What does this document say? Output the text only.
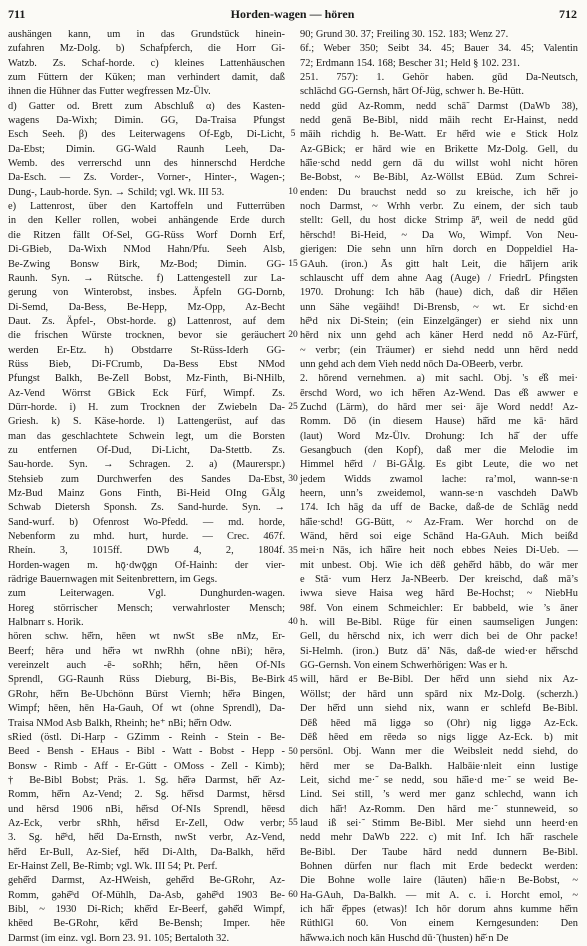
711	Horden-wagen — hören	712
aushängen kann, um in das Grundstück hinein-
zufahren Mz-Dolg. b) Schafpferch, die Horr Gi-
Watzb. Zs. Schaf-horde. c) kleines Lattenhäuschen
zum Füttern der Küken; man verhindert damit, daß
ihnen die Hühner das Futter wegfressen Mz-Ülv.
d) Gatter od. Brett zum Abschluß α) des Kasten-
wagens Da-Wixh; Dimin. GG, Da-Traisa Pfungst
Esch Seeh. β) des Leiterwagens Of-Egb, Di-Licht,
Da-Ebst; Dimin. GG-Wald Raunh Leeh, Da-
Wemb. des verrerschd unn des hinnerschd Herdche
Da-Esch. — Zs. Vorder-, Vorner-, Hinter-, Wagen-;
Dung-, Laub-horde. Syn. → Schild; vgl. Wk. III 53.
e) Lattenrost, über den Kartoffeln und Futterrüben
in den Keller rollen, wobei anhängende Erde durch
die Ritzen fällt Of-Sel, GG-Rüss Worf Dornh Erf,
Di-GBieb, Da-Wixh NMod Hahn/Pfu. Seeh Alsb,
Be-Zwing Bonsw Birk, Mz-Bod; Dimin. GG-
Raunh. Syn. → Rütsche. f) Lattengestell zur La-
gerung von Winterobst, insbes. Äpfeln GG-Dornb,
Di-Semd, Da-Bess, Be-Hepp, Mz-Opp, Az-Becht
Daut. Zs. Äpfel-, Obst-horde. g) Lattenrost, auf dem
die frischen Würste trocknen, bevor sie geräuchert
werden Er-Etz. h) Obstdarre St-Rüss-Iderh GG-
Rüss Bieb, Di-FCrumb, Da-Bess Ebst NMod
Pfungst Balkh, Be-Zell Bobst, Mz-Finth, Bi-NHilb,
Az-Vend Wörrst GBick Eck Fürf, Wimpf. Zs.
Dürr-horde. i) H. zum Trocknen der Zwiebeln Da-
Griesh. k) S. Käse-horde. l) Lattengerüst, auf das
man das geschlachtete Schwein legt, um die Borsten
zu entfernen Of-Dud, Di-Licht, Da-Stettb. Zs.
Sau-horde. Syn. → Schragen. 2. a) (Maurerspr.)
Stehsieb zum Durchwerfen des Sandes Da-Ebst,
Mz-Bud Mainz Gons Finth, Bi-Heid OIng GÄlg
Schwab Dietersh Sponsh. Zs. Sand-hurde. Syn. →
Sand-wurf. b) Ofenrost Wo-Pfedd. — md. horde,
Nebenform zu mhd. hurt, hurde. — Crec. 467f.
Rheín. 3, 1015ff. DWb 4, 2, 1804f.
Horden-wagen m. hǭ·dwǭgn Of-Hainh: der vier-
rädrige Bauernwagen mit Seitenbrettern, im Gegs.
zum Leiterwagen. Vgl. Dunghurden-wagen.
Horeg störrischer Mensch; verwahrloster Mensch;
Halbnarr s. Horik.
hören schw. hē̆rn, hēɐn wt nwSt sBe nMz, Er-
Beerf; hērə und hē̆rə wt nwRhh (ohne nBi); hērə,
vereinzelt auch -ē- soRhh; hē̆rn, hēɐn Of-NIs
Sprendl, GG-Raunh Rüss Dieburg, Bi-Bis, Be-Birk
GRohr, hē̆rn Be-Ubchönn Bürst Viernh; hē̆rə Bingen,
Wimpf; hēɐn, hēn Ha-Gauh, Of wt (ohne Sprendl), Da-
Traisa NMod Asb Balkh, Rheinh; he⁺ nBi; hē̆rn Odw.
sRied (östl. Di-Harp - GZimm - Reinh - Stein - Be-
Beed - Bensh - EHaus - Bibl - Watt - Bobst - Hepp -
Bonsw - Rimb - Aff - Er-Gütt - OMoss - Zell - Kimb);
† Be-Bibl Bobst; Präs. 1. Sg. hē̆rə Darmst, hē̆r Az-
Romm, hē̆rn Az-Vend; 2. Sg. hē̆rsd Darmst, hērsd
und hērsd 1906 nBi, hē̆rsd Of-NIs Sprendl, hēɐsd
Az-Eck, verbr sRhh, hē̆rsd Er-Zell, Odw verbr;
3. Sg. hē̆ᵃd, hē̆d Da-Ernsth, nwSt verbr, Az-Vend,
hē̆rd Er-Bull, Az-Sief, hē̆d Di-Alth, Da-Balkh, hē̆rd
Er-Hainst Zell, Be-Rimb; vgl. Wk. III 54; Pt. Perf.
gehē̆rd Darmst, Az-HWeish, gehē̆rd Be-GRohr, Az-
Romm, gəhē̆ᵃd Of-Mühlh, Da-Asb, gəhē̆ᵃd 1903 Be-
Bibl, ~ 1930 Di-Rich; khē̆rd Er-Beerf, gəhē̆d Wimpf,
khēɐd Be-GRohr, kē̆rd Be-Bensh; Imper. hēɐ
Darmst (im einz. vgl. Born 23. 91. 105; Bertaloth 32.
5
10
15
20
25
30
35
40
45
50
55
60
90; Grund 30. 37; Freiling 30. 152. 183; Wenz 27.
6f.; Weber 350; Seibt 34. 45; Bauer 34. 45; Valentin
72; Erdmann 154. 168; Bescher 31; Held § 102. 231.
251. 757): 1. Gehör haben. gūd Da-Neutsch,
schlächd GG-Gernsh, hārt Of-Jüg, schwer h. Be-Hütt.
nedd güd Az-Romm, nedd schā̃ Darmst (DaWb 38),
nedd genā Be-Bibl, nidd māih recht Er-Hainst, nedd
māih richdig h. Be-Watt. Er hē̆rd wie e Stick Holz
Az-GBick; er hārd wie en Brikette Mz-Dolg. Gell, du
hā̆ie·schd nedd gern dä du willst wohl nicht hören
Be-Bobst, ~ Be-Bibl, Az-Wöllst EBüd. Zum Schrei-
enden: Du brauchst nedd so zu kreische, ich hē̆r jo
noch Darmst, ~ Wrhh verbr. Zu einem, der sich taub
stellt: Gell, du host dicke Strimp ā̃ⁿ, weil de nedd gūd
hērschd! Bi-Heid, ~ Da Wo, Wimpf. Von Neu-
gierigen: Die sehn unn hīrn dorch en Doppeldiel Ha-
GAuh. (iron.) Ās gitt halt Leit, die hā̆ijern arik
schlauscht uff dem ahne Aag (Auge) / FriedrL Pfingsten
1970. Drohung: Ich hāb (haue) dich, daß dir Hē̆ien
unn Sähe vegāihd! Di-Brensb, ~ wt. Er sichd·en
hē̆ᵃd nix Di-Stein; (ein Einzelgänger) er siehd nix unn
hērd nix unn gehd ach käner Herd nedd nō Az-Fürf,
~ verbr; (ein Träumer) er siehd nedd unn hērd nedd
unn gehd ach dem Vieh nedd nōch Da-OBeerb, verbr.
2. hōrend vernehmen. a) mit sachl. Obj. 's e̊ß mei·
ērschd Word, wo ich hē̆ren Az-Wend. Das e̊ß awwer e
Zuchd (Lärm), do hārd mer sei· āje Word nedd! Az-
Romm. Dō (in diesem Hause) hā̆rd me kā· hārd
(laut) Word Mz-Ülv. Drohung: Ich hā̆ der uffe
Gesangbuch (den Kopf), daß mer die Melodie im
Himmel hē̆rd / Bi-GÄlg. Es gibt Leute, die wo net
jedem Widds zwamol lache: ra’mol, wann-se·n
heern, unn’s zweidemol, wann-se·n vaschdeh DaWb
174. Ich hāg da uff de Backe, daß-de de Schlāg nedd
hā̆ie·schd! GG-Bütt, ~ Az-Fram. Wer horchd on de
Wänd, hērd soi eige Schānd Ha-GAuh. Mich beißd
mei·n Nās, ich hā̆ire heit noch ebbes Neies Di-Ueb. —
mit unbest. Obj. Wie ich dēß gehē̆rd hābb, do wār mer
e Stā· vum Herz Ja-NBeerb. Der kreischd, daß mā’s
iwwa sieve Haisa weg hārd Be-Hochst; ~ NiebHu
98f. Von einem Schmeichler: Er babbeld, wie ’s āner
h. will Be-Bibl. Rüge für einen saumseligen Jungen:
Gell, du hērschd nix, ich werr dich bei de Ohr packe!
Si-Helmh. (iron.) Butz dā’ Nās, daß-de wied·er hē̆rschd
GG-Gernsh. Von einem Schwerhörigen: Was er h.
will, hārd er Be-Bibl. Der hē̆rd unn siehd nix Az-
Wöllst; der hārd unn spārd nix Mz-Dolg. (scherzh.)
Der hē̆rd unn siehd nix, wann er schlefd Be-Bibl.
Dēß hēɐd mā liggə so (Ohr) nig liggə Az-Eck.
Dēß hēɐd em rēɐdə so nigs ligge Az-Eck. b) mit
persönl. Obj. Wann mer die Weibsleit nedd siehd, do
hērd mer se Da-Balkh. Halbāie·nleit einn lustige
Leit, sichd me·̃ se nedd, sou hā̆ie·d me·̃ se weid Be-
Lind. Sei still, ’s werd mer ganz schlechd, wann ich
dich hā̆r! Az-Romm. Den hārd me·̃ stunneweid, so
laud iß sei·̃ Stimm Be-Bibl. Mer siehd unn heerd·en
nedd mehr DaWb 222. c) mit Inf. Ich hā̆r raschele
Be-Bibl. Der Taube hārd nedd dunnern Be-Bibl.
Bohnen dürfen nur flach mit Erde bedeckt werden:
Die Bohne wolle laire (läuten) hā̆ie·n Be-Bobst, ~
Ha-GAuh, Da-Balkh. — mit A. c. i. Horcht emol, ~
ich hā̆r ē̆ppes (etwas)! Ich hōr dorum ahns kumme hē̆rn
RüthlGl 60. Von einem Kerngesunden: Den
hā̆wwə.ich noch kān Huschd dū·̃ (husten) hē̆·n De
